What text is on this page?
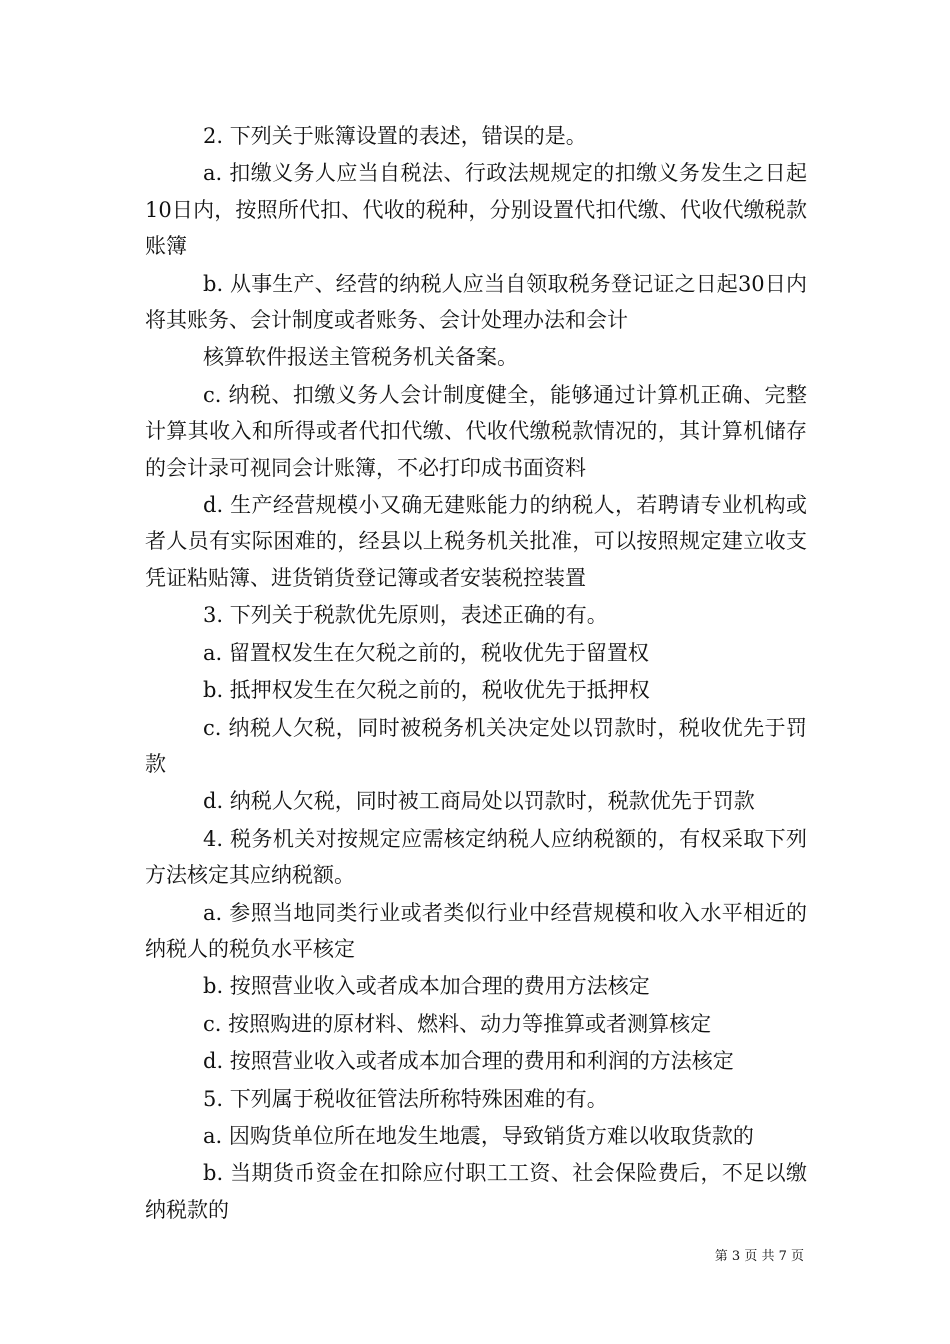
2. 下列关于账簿设置的表述，错误的是。

a. 扣缴义务人应当自税法、行政法规规定的扣缴义务发生之日起10日内，按照所代扣、代收的税种，分别设置代扣代缴、代收代缴税款账簿

b. 从事生产、经营的纳税人应当自领取税务登记证之日起30日内将其账务、会计制度或者账务、会计处理办法和会计

核算软件报送主管税务机关备案。

c. 纳税、扣缴义务人会计制度健全，能够通过计算机正确、完整计算其收入和所得或者代扣代缴、代收代缴税款情况的，其计算机储存的会计录可视同会计账簿，不必打印成书面资料

d. 生产经营规模小又确无建账能力的纳税人，若聘请专业机构或者人员有实际困难的，经县以上税务机关批准，可以按照规定建立收支凭证粘贴簿、进货销货登记簿或者安装税控装置

3. 下列关于税款优先原则，表述正确的有。

a. 留置权发生在欠税之前的，税收优先于留置权

b. 抵押权发生在欠税之前的，税收优先于抵押权

c. 纳税人欠税，同时被税务机关决定处以罚款时，税收优先于罚款

d. 纳税人欠税，同时被工商局处以罚款时，税款优先于罚款

4. 税务机关对按规定应需核定纳税人应纳税额的，有权采取下列方法核定其应纳税额。

a. 参照当地同类行业或者类似行业中经营规模和收入水平相近的纳税人的税负水平核定

b. 按照营业收入或者成本加合理的费用方法核定

c. 按照购进的原材料、燃料、动力等推算或者测算核定

d. 按照营业收入或者成本加合理的费用和利润的方法核定

5. 下列属于税收征管法所称特殊困难的有。

a. 因购货单位所在地发生地震，导致销货方难以收取货款的

b. 当期货币资金在扣除应付职工工资、社会保险费后，不足以缴纳税款的

第 3 页 共 7 页
